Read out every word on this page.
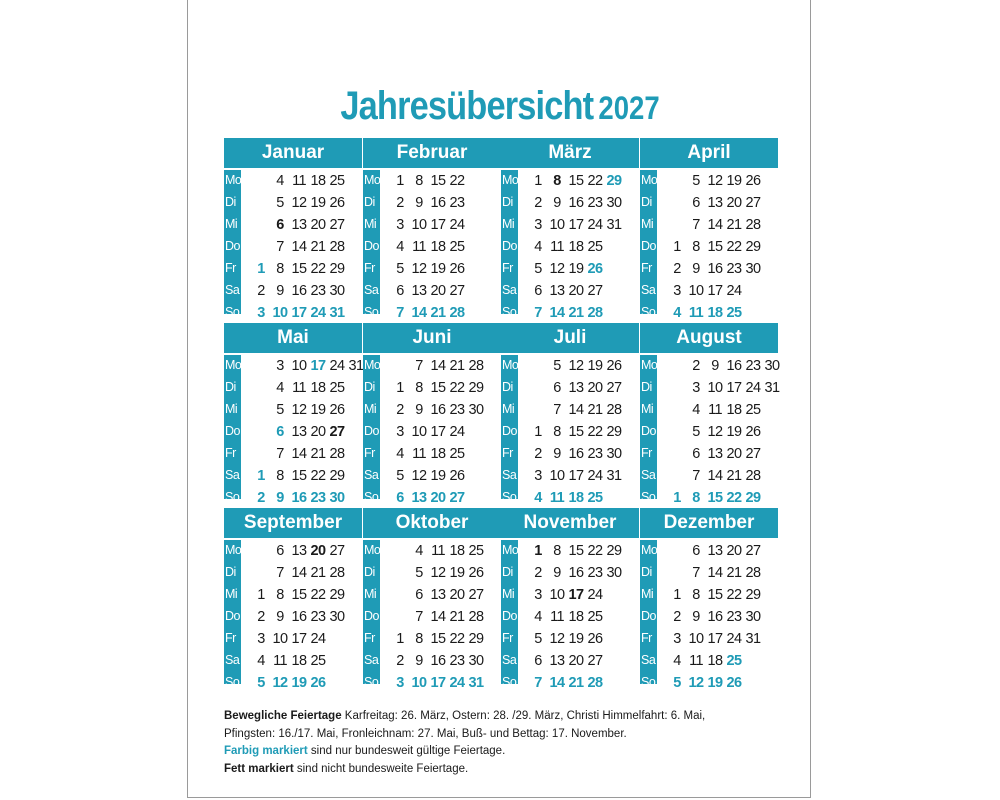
Jahresübersicht 2027
Januar
Mo
Di
Mi
Do
Fr
Sa
So
1
2
3
4
5
6
7
8
9
10
11
12
13
14
15
16
17
18
19
20
21
22
23
24
25
26
27
28
29
30
31
Februar
Mo
Di
Mi
Do
Fr
Sa
So
1
2
3
4
5
6
7
8
9
10
11
12
13
14
15
16
17
18
19
20
21
22
23
24
25
26
27
28
März
Mo
Di
Mi
Do
Fr
Sa
So
1
2
3
4
5
6
7
8
9
10
11
12
13
14
15
16
17
18
19
20
21
22
23
24
25
26
27
28
29
30
31
April
Mo
Di
Mi
Do
Fr
Sa
So
1
2
3
4
5
6
7
8
9
10
11
12
13
14
15
16
17
18
19
20
21
22
23
24
25
26
27
28
29
30
Mai
Mo
Di
Mi
Do
Fr
Sa
So
1
2
3
4
5
6
7
8
9
10
11
12
13
14
15
16
17
18
19
20
21
22
23
24
25
26
27
28
29
30
31
Juni
Mo
Di
Mi
Do
Fr
Sa
So
1
2
3
4
5
6
7
8
9
10
11
12
13
14
15
16
17
18
19
20
21
22
23
24
25
26
27
28
29
30
Juli
Mo
Di
Mi
Do
Fr
Sa
So
1
2
3
4
5
6
7
8
9
10
11
12
13
14
15
16
17
18
19
20
21
22
23
24
25
26
27
28
29
30
31
August
Mo
Di
Mi
Do
Fr
Sa
So	1
2
3
4
5
6
7
8
9
10
11
12
13
14
15
16
17
18
19
20
21
22
23
24
25
26
27
28
29
30
31
September
Mo
Di
Mi
Do
Fr
Sa
So
1
2
3
4
5
6
7
8
9
10
11
12
13
14
15
16
17
18
19
20
21
22
23
24
25
26
27
28
29
30
Oktober
Mo
Di
Mi
Do
Fr
Sa
So
1
2
3
4
5
6
7
8
9
10
11
12
13
14
15
16
17
18
19
20
21
22
23
24
25
26
27
28
29
30
31
November
Mo
Di
Mi
Do
Fr
Sa
So
1
2
3
4
5
6
7
8
9
10
11
12
13
14
15
16
17
18
19
20
21
22
23
24
25
26
27
28
29
30
Dezember
Mo
Di
Mi
Do
Fr
Sa
So
1
2
3
4
5
6
7
8
9
10
11
12
13
14
15
16
17
18
19
20
21
22
23
24
25
26
27
28
29
30
31
Bewegliche Feiertage Karfreitag: 26. März, Ostern: 28. /29. März, Christi Himmelfahrt: 6. Mai,
Pfingsten: 16./17. Mai, Fronleichnam: 27. Mai, Buß- und Bettag: 17. November.
Farbig markiert sind nur bundesweit gültige Feiertage.
Fett markiert sind nicht bundesweite Feiertage.
